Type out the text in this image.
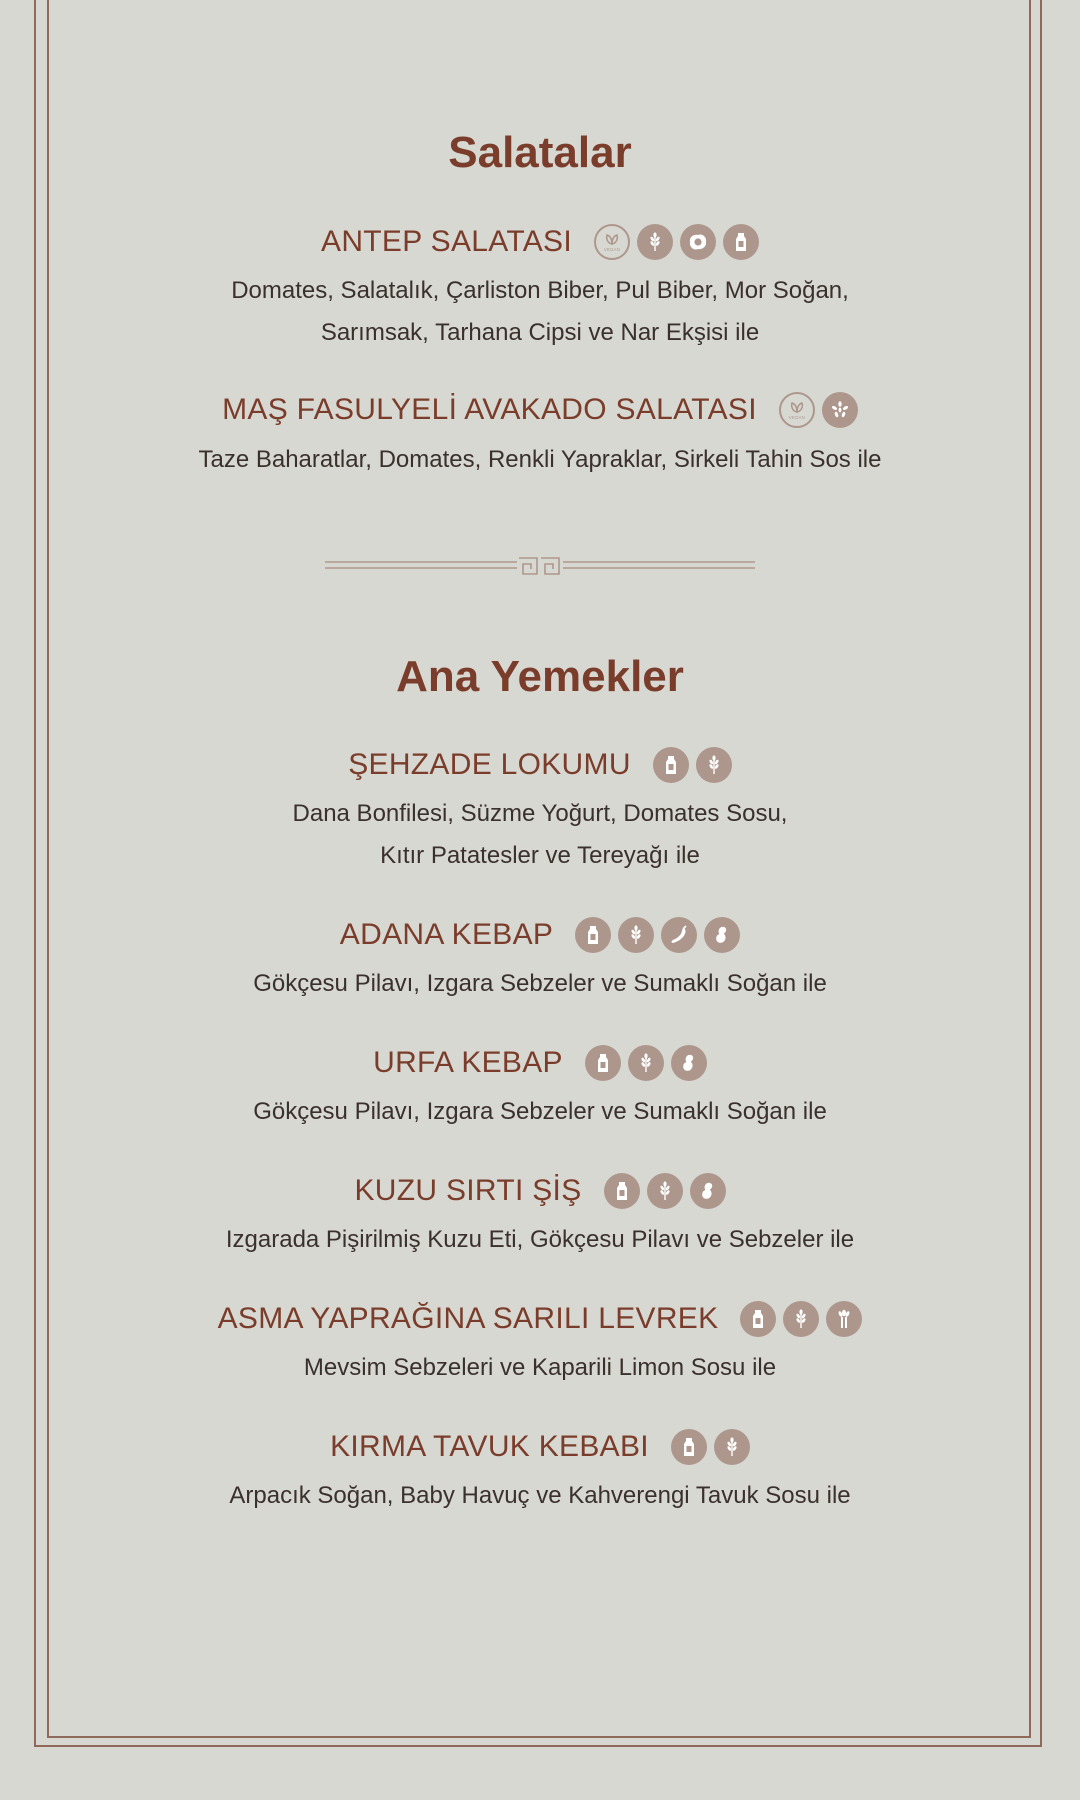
Salatalar
ANTEP SALATASI	VEGAN
Domates, Salatalık, Çarliston Biber, Pul Biber, Mor Soğan,
Sarımsak, Tarhana Cipsi ve Nar Ekşisi ile
MAŞ FASULYELİ AVAKADO SALATASI	VEGAN
Taze Baharatlar, Domates, Renkli Yapraklar, Sirkeli Tahin Sos ile
Ana Yemekler
ŞEHZADE LOKUMU
Dana Bonfilesi, Süzme Yoğurt, Domates Sosu,
Kıtır Patatesler ve Tereyağı ile
ADANA KEBAP
Gökçesu Pilavı, Izgara Sebzeler ve Sumaklı Soğan ile
URFA KEBAP
Gökçesu Pilavı, Izgara Sebzeler ve Sumaklı Soğan ile
KUZU SIRTI ŞİŞ
Izgarada Pişirilmiş Kuzu Eti, Gökçesu Pilavı ve Sebzeler ile
ASMA YAPRAĞINA SARILI LEVREK
Mevsim Sebzeleri ve Kaparili Limon Sosu ile
KIRMA TAVUK KEBABI
Arpacık Soğan, Baby Havuç ve Kahverengi Tavuk Sosu ile
